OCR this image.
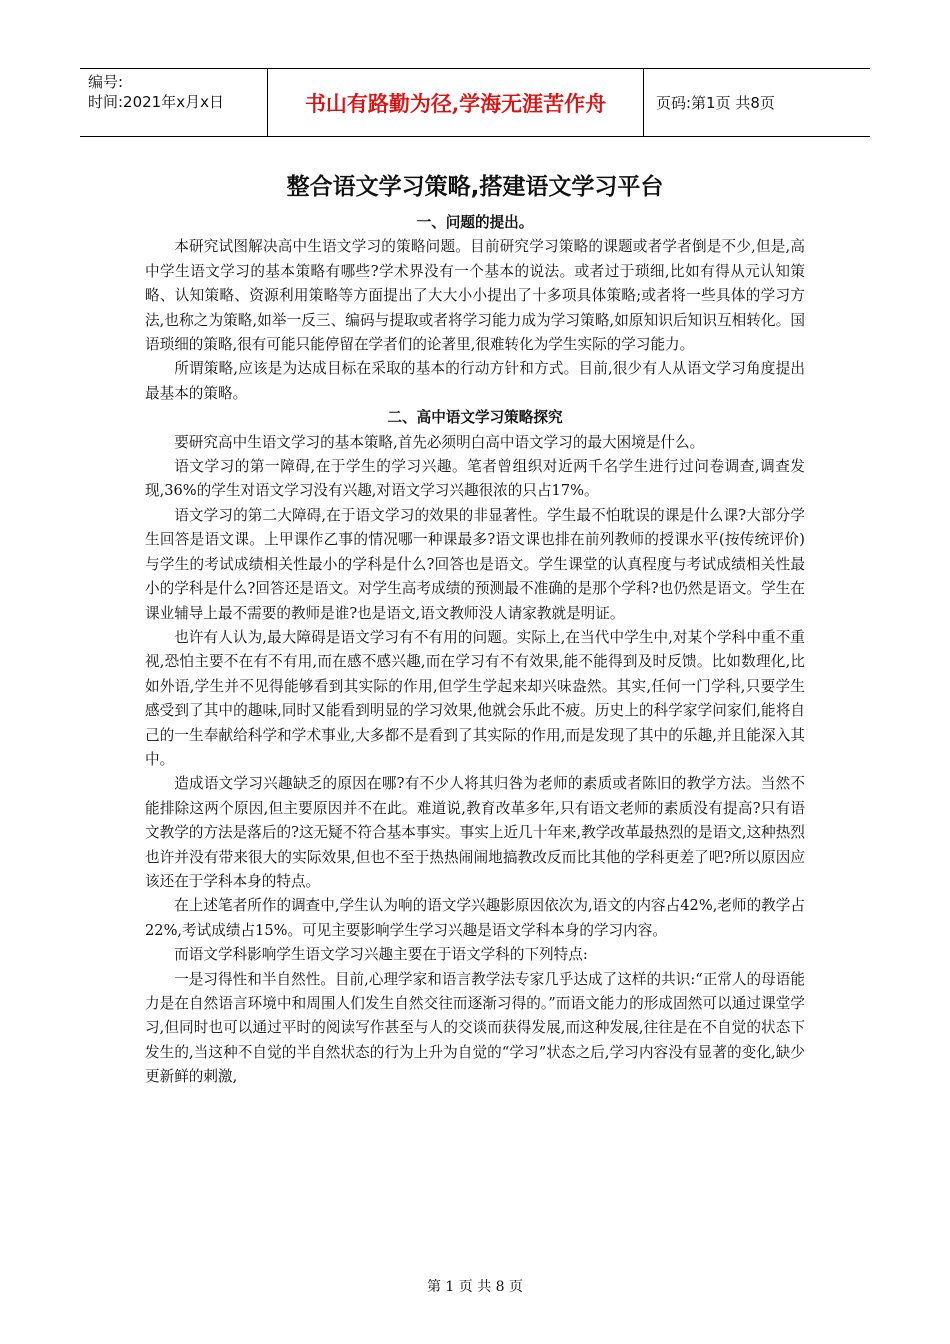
编号:
时间:2021年x月x日	书山有路勤为径,学海无涯苦作舟	页码:第1页 共8页
整合语文学习策略,搭建语文学习平台
一、问题的提出。

本研究试图解决高中生语文学习的策略问题。目前研究学习策略的课题或者学者倒是不少,但是,高中学生语文学习的基本策略有哪些?学术界没有一个基本的说法。或者过于琐细,比如有得从元认知策略、认知策略、资源利用策略等方面提出了大大小小提出了十多项具体策略;或者将一些具体的学习方法,也称之为策略,如举一反三、编码与提取或者将学习能力成为学习策略,如原知识后知识互相转化。国语琐细的策略,很有可能只能停留在学者们的论著里,很难转化为学生实际的学习能力。

所谓策略,应该是为达成目标在采取的基本的行动方针和方式。目前,很少有人从语文学习角度提出最基本的策略。

二、高中语文学习策略探究

要研究高中生语文学习的基本策略,首先必须明白高中语文学习的最大困境是什么。

语文学习的第一障碍,在于学生的学习兴趣。笔者曾组织对近两千名学生进行过问卷调查,调查发现,36%的学生对语文学习没有兴趣,对语文学习兴趣很浓的只占17%。

语文学习的第二大障碍,在于语文学习的效果的非显著性。学生最不怕耽误的课是什么课?大部分学生回答是语文课。上甲课作乙事的情况哪一种课最多?语文课也排在前列教师的授课水平(按传统评价)与学生的考试成绩相关性最小的学科是什么?回答也是语文。学生课堂的认真程度与考试成绩相关性最小的学科是什么?回答还是语文。对学生高考成绩的预测最不准确的是那个学科?也仍然是语文。学生在课业辅导上最不需要的教师是谁?也是语文,语文教师没人请家教就是明证。

也许有人认为,最大障碍是语文学习有不有用的问题。实际上,在当代中学生中,对某个学科中重不重视,恐怕主要不在有不有用,而在感不感兴趣,而在学习有不有效果,能不能得到及时反馈。比如数理化,比如外语,学生并不见得能够看到其实际的作用,但学生学起来却兴味盎然。其实,任何一门学科,只要学生感受到了其中的趣味,同时又能看到明显的学习效果,他就会乐此不疲。历史上的科学家学问家们,能将自己的一生奉献给科学和学术事业,大多都不是看到了其实际的作用,而是发现了其中的乐趣,并且能深入其中。

造成语文学习兴趣缺乏的原因在哪?有不少人将其归咎为老师的素质或者陈旧的教学方法。当然不能排除这两个原因,但主要原因并不在此。难道说,教育改革多年,只有语文老师的素质没有提高?只有语文教学的方法是落后的?这无疑不符合基本事实。事实上近几十年来,教学改革最热烈的是语文,这种热烈也许并没有带来很大的实际效果,但也不至于热热闹闹地搞教改反而比其他的学科更差了吧?所以原因应该还在于学科本身的特点。

在上述笔者所作的调查中,学生认为响的语文学兴趣影原因依次为,语文的内容占42%,老师的教学占22%,考试成绩占15%。可见主要影响学生学习兴趣是语文学科本身的学习内容。

而语文学科影响学生语文学习兴趣主要在于语文学科的下列特点:

一是习得性和半自然性。目前,心理学家和语言教学法专家几乎达成了这样的共识:“正常人的母语能力是在自然语言环境中和周围人们发生自然交往而逐渐习得的。”而语文能力的形成固然可以通过课堂学习,但同时也可以通过平时的阅读写作甚至与人的交谈而获得发展,而这种发展,往往是在不自觉的状态下发生的,当这种不自觉的半自然状态的行为上升为自觉的“学习”状态之后,学习内容没有显著的变化,缺少更新鲜的刺激,

第 1 页 共 8 页
